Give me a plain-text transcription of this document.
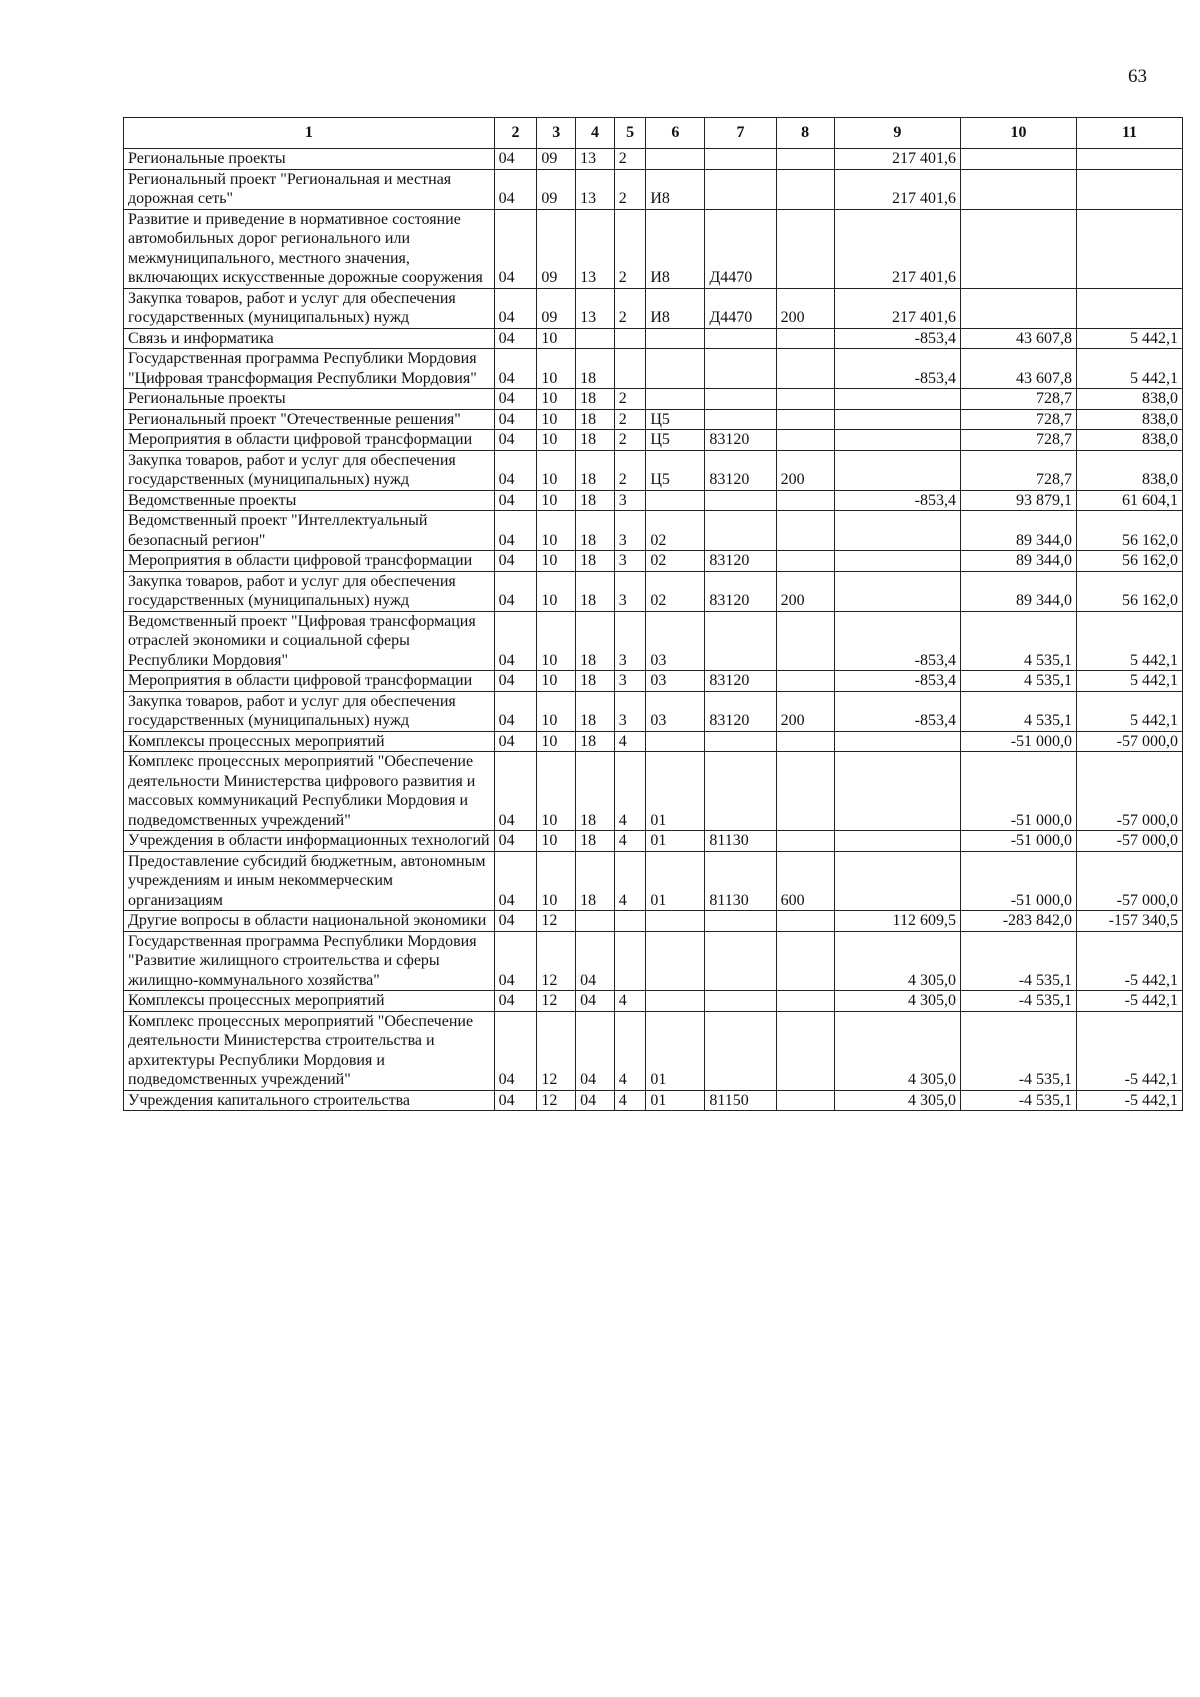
63
1	2	3	4	5	6	7	8	9	10	11
Региональные проекты	04	09	13	2				217 401,6		
Региональный проект "Региональная и местная дорожная сеть"	04	09	13	2	И8			217 401,6		
Развитие и приведение в нормативное состояние автомобильных дорог регионального или межмуниципального, местного значения, включающих искусственные дорожные сооружения	04	09	13	2	И8	Д4470		217 401,6		
Закупка товаров, работ и услуг для обеспечения государственных (муниципальных) нужд	04	09	13	2	И8	Д4470	200	217 401,6		
Связь и информатика	04	10						-853,4	43 607,8	5 442,1
Государственная программа Республики Мордовия "Цифровая трансформация Республики Мордовия"	04	10	18					-853,4	43 607,8	5 442,1
Региональные проекты	04	10	18	2					728,7	838,0
Региональный проект "Отечественные решения"	04	10	18	2	Ц5				728,7	838,0
Мероприятия в области цифровой трансформации	04	10	18	2	Ц5	83120			728,7	838,0
Закупка товаров, работ и услуг для обеспечения государственных (муниципальных) нужд	04	10	18	2	Ц5	83120	200		728,7	838,0
Ведомственные проекты	04	10	18	3				-853,4	93 879,1	61 604,1
Ведомственный проект "Интеллектуальный безопасный регион"	04	10	18	3	02				89 344,0	56 162,0
Мероприятия в области цифровой трансформации	04	10	18	3	02	83120			89 344,0	56 162,0
Закупка товаров, работ и услуг для обеспечения государственных (муниципальных) нужд	04	10	18	3	02	83120	200		89 344,0	56 162,0
Ведомственный проект "Цифровая трансформация отраслей экономики и социальной сферы Республики Мордовия"	04	10	18	3	03			-853,4	4 535,1	5 442,1
Мероприятия в области цифровой трансформации	04	10	18	3	03	83120		-853,4	4 535,1	5 442,1
Закупка товаров, работ и услуг для обеспечения государственных (муниципальных) нужд	04	10	18	3	03	83120	200	-853,4	4 535,1	5 442,1
Комплексы процессных мероприятий	04	10	18	4					-51 000,0	-57 000,0
Комплекс процессных мероприятий "Обеспечение деятельности Министерства цифрового развития и массовых коммуникаций Республики Мордовия и подведомственных учреждений"	04	10	18	4	01				-51 000,0	-57 000,0
Учреждения в области информационных технологий	04	10	18	4	01	81130			-51 000,0	-57 000,0
Предоставление субсидий бюджетным, автономным учреждениям и иным некоммерческим организациям	04	10	18	4	01	81130	600		-51 000,0	-57 000,0
Другие вопросы в области национальной экономики	04	12						112 609,5	-283 842,0	-157 340,5
Государственная программа Республики Мордовия "Развитие жилищного строительства и сферы жилищно-коммунального хозяйства"	04	12	04					4 305,0	-4 535,1	-5 442,1
Комплексы процессных мероприятий	04	12	04	4				4 305,0	-4 535,1	-5 442,1
Комплекс процессных мероприятий "Обеспечение деятельности Министерства строительства и архитектуры Республики Мордовия и подведомственных учреждений"	04	12	04	4	01			4 305,0	-4 535,1	-5 442,1
Учреждения капитального строительства	04	12	04	4	01	81150		4 305,0	-4 535,1	-5 442,1
